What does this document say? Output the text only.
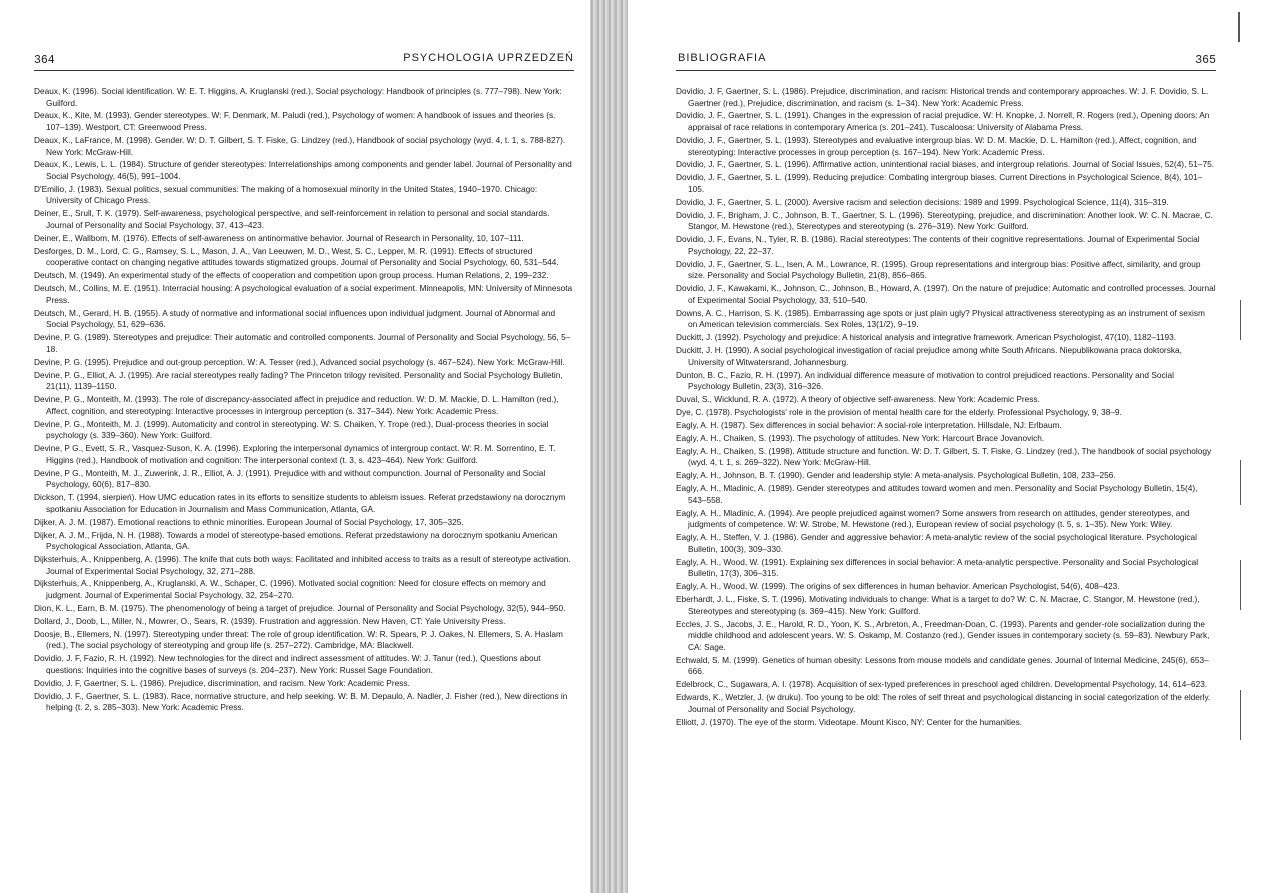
364	PSYCHOLOGIA UPRZEDZEŃ

Deaux, K. (1996). Social identification. W: E. T. Higgins, A. Kruglanski (red.), Social psychology: Handbook of principles (s. 777–798). New York: Guilford.

Deaux, K., Kite, M. (1993). Gender stereotypes. W: F. Denmark, M. Paludi (red.), Psychology of women: A handbook of issues and theories (s. 107–139). Westport, CT: Greenwood Press.

Deaux, K., LaFrance, M. (1998). Gender. W: D. T. Gilbert, S. T. Fiske, G. Lindzey (red.), Handbook of social psychology (wyd. 4, t. 1, s. 788-827). New York: McGraw-Hill.

Deaux, K., Lewis, L. L. (1984). Structure of gender stereotypes: Interrelationships among components and gender label. Journal of Personality and Social Psychology, 46(5), 991–1004.

D'Emilio, J. (1983). Sexual politics, sexual communities: The making of a homosexual minority in the United States, 1940–1970. Chicago: University of Chicago Press.

Deiner, E., Srull, T. K. (1979). Self-awareness, psychological perspective, and self-reinforcement in relation to personal and social standards. Journal of Personality and Social Psychology, 37, 413–423.

Deiner, E., Wallbom, M. (1976). Effects of self-awareness on antinormative behavior. Journal of Research in Personality, 10, 107–111.

Desforges, D. M., Lord, C. G., Ramsey, S. L., Mason, J. A., Van Leeuwen, M. D., West, S. C., Lepper, M. R. (1991). Effects of structured cooperative contact on changing negative attitudes towards stigmatized groups. Journal of Personality and Social Psychology, 60, 531–544.

Deutsch, M. (1949). An experimental study of the effects of cooperation and competition upon group process. Human Relations, 2, 199–232.

Deutsch, M., Collins, M. E. (1951). Interracial housing: A psychological evaluation of a social experiment. Minneapolis, MN: University of Minnesota Press.

Deutsch, M., Gerard, H. B. (1955). A study of normative and informational social influences upon individual judgment. Journal of Abnormal and Social Psychology, 51, 629–636.

Devine, P. G. (1989). Stereotypes and prejudice: Their automatic and controlled components. Journal of Personality and Social Psychology, 56, 5–18.

Devine, P. G. (1995). Prejudice and out-group perception. W: A. Tesser (red.), Advanced social psychology (s. 467–524). New York: McGraw-Hill.

Devine, P. G., Elliot, A. J. (1995). Are racial stereotypes really fading? The Princeton trilogy revisited. Personality and Social Psychology Bulletin, 21(11), 1139–1150.

Devine, P. G., Monteith, M. (1993). The role of discrepancy-associated affect in prejudice and reduction. W: D. M. Mackie, D. L. Hamilton (red.), Affect, cognition, and stereotyping: Interactive processes in intergroup perception (s. 317–344). New York: Academic Press.

Devine, P. G., Monteith, M. J. (1999). Automaticity and control in stereotyping. W: S. Chaiken, Y. Trope (red.), Dual-process theories in social psychology (s. 339–360). New York: Guilford.

Devine, P G., Evett, S. R., Vasquez-Suson, K. A. (1996). Exploring the interpersonal dynamics of intergroup contact. W: R. M. Sorrentino, E. T. Higgins (red.), Handbook of motivation and cognition: The interpersonal context (t. 3, s. 423–464). New York: Guilford.

Devine, P G., Monteith, M. J., Zuwerink, J. R., Elliot, A. J. (1991). Prejudice with and without compunction. Journal of Personality and Social Psychology, 60(6), 817–830.

Dickson, T. (1994, sierpień). How UMC education rates in its efforts to sensitize students to ableism issues. Referat przedstawiony na dorocznym spotkaniu Association for Education in Journalism and Mass Communication, Atlanta, GA.

Dijker, A. J. M. (1987). Emotional reactions to ethnic minorities. European Journal of Social Psychology, 17, 305–325.

Dijker, A. J. M., Frijda, N. H. (1988). Towards a model of stereotype-based emotions. Referat przedstawiony na dorocznym spotkaniu American Psychological Association, Atlanta, GA.

Dijksterhuis, A., Knippenberg, A. (1996). The knife that cuts both ways: Facilitated and inhibited access to traits as a result of stereotype activation. Journal of Experimental Social Psychology, 32, 271–288.

Dijksterhuis, A., Knippenberg, A., Kruglanski, A. W., Schaper, C. (1996). Motivated social cognition: Need for closure effects on memory and judgment. Journal of Experimental Social Psychology, 32, 254–270.

Dion, K. L., Earn, B. M. (1975). The phenomenology of being a target of prejudice. Journal of Personality and Social Psychology, 32(5), 944–950.

Dollard, J., Doob, L., Miller, N., Mowrer, O., Sears, R. (1939). Frustration and aggression. New Haven, CT: Yale University Press.

Doosje, B., Ellemers, N. (1997). Stereotyping under threat: The role of group identification. W: R. Spears, P. J. Oakes, N. Ellemers, S. A. Haslam (red.), The social psychology of stereotyping and group life (s. 257–272). Cambridge, MA: Blackwell.

Dovidio, J. F, Fazio, R. H. (1992). New technologies for the direct and indirect assessment of attitudes. W: J. Tanur (red.), Questions about questions: Inquiries into the cognitive bases of surveys (s. 204–237). New York: Russel Sage Foundation.

Dovidio, J. F, Gaertner, S. L. (1986). Prejudice, discrimination, and racism. New York: Academic Press.

Dovidio, J. F., Gaertner, S. L. (1983). Race, normative structure, and help seeking. W: B. M. Depaulo, A. Nadler, J. Fisher (red.), New directions in helping (t. 2, s. 285–303). New York: Academic Press.

BIBLIOGRAFIA	365

Dovidio, J. F, Gaertner, S. L. (1986). Prejudice, discrimination, and racism: Historical trends and contemporary approaches. W: J. F. Dovidio, S. L. Gaertner (red.), Prejudice, discrimination, and racism (s. 1–34). New York: Academic Press.

Dovidio, J. F., Gaertner, S. L. (1991). Changes in the expression of racial prejudice. W: H. Knopke, J. Norrell, R. Rogers (red.), Opening doors: An appraisal of race relations in contemporary America (s. 201–241). Tuscaloosa: University of Alabama Press.

Dovidio, J. F., Gaertner, S. L. (1993). Stereotypes and evaluative intergroup bias. W: D. M. Mackie, D. L. Hamilton (red.), Affect, cognition, and stereotyping: Interactive processes in group perception (s. 167–194). New York: Academic Press.

Dovidio, J. F., Gaertner, S. L. (1996). Affirmative action, unintentional racial biases, and intergroup relations. Journal of Social Issues, 52(4), 51–75.

Dovidio, J. F., Gaertner, S. L. (1999). Reducing prejudice: Combating intergroup biases. Current Directions in Psychological Science, 8(4), 101–105.

Dovidio, J. F., Gaertner, S. L. (2000). Aversive racism and selection decisions: 1989 and 1999. Psychological Science, 11(4), 315–319.

Dovidio, J. F., Brigham, J. C., Johnson, B. T., Gaertner, S. L. (1996). Stereotyping, prejudice, and discrimination: Another look. W: C. N. Macrae, C. Stangor, M. Hewstone (red.), Stereotypes and stereotyping (s. 276–319). New York: Guilford.

Dovidio, J. F., Evans, N., Tyler, R. B. (1986). Racial stereotypes: The contents of their cognitive representations. Journal of Experimental Social Psychology, 22, 22–37.

Dovidio, J. F., Gaertner, S. L., Isen, A. M., Lowrance, R. (1995). Group representations and intergroup bias: Positive affect, similarity, and group size. Personality and Social Psychology Bulletin, 21(8), 856–865.

Dovidio, J. F., Kawakami, K., Johnson, C., Johnson, B., Howard, A. (1997). On the nature of prejudice: Automatic and controlled processes. Journal of Experimental Social Psychology, 33, 510–540.

Downs, A. C., Harrison, S. K. (1985). Embarrassing age spots or just plain ugly? Physical attractiveness stereotyping as an instrument of sexism on American television commercials. Sex Roles, 13(1/2), 9–19.

Duckitt, J. (1992). Psychology and prejudice: A historical analysis and integrative framework. American Psychologist, 47(10), 1182–1193.

Duckitt, J. H. (1990). A social psychological investigation of racial prejudice among white South Africans. Niepublikowana praca doktorska, University of Witwatersrand, Johannesburg.

Dunton, B. C., Fazio, R. H. (1997). An individual difference measure of motivation to control prejudiced reactions. Personality and Social Psychology Bulletin, 23(3), 316–326.

Duval, S., Wicklund, R. A. (1972). A theory of objective self-awareness. New York: Academic Press.

Dye, C. (1978). Psychologists' role in the provision of mental health care for the elderly. Professional Psychology, 9, 38–9.

Eagly, A. H. (1987). Sex differences in social behavior: A social-role interpretation. Hillsdale, NJ: Erlbaum.

Eagly, A. H., Chaiken, S. (1993). The psychology of attitudes. New York: Harcourt Brace Jovanovich.

Eagly, A. H., Chaiken, S. (1998). Attitude structure and function. W: D. T. Gilbert, S. T. Fiske, G. Lindzey (red.), The handbook of social psychology (wyd. 4, t. 1, s. 269–322). New York: McGraw-Hill.

Eagly, A. H., Johnson, B. T. (1990). Gender and leadership style: A meta-analysis. Psychological Bulletin, 108, 233–256.

Eagly, A. H., Mladinic, A. (1989). Gender stereotypes and attitudes toward women and men. Personality and Social Psychology Bulletin, 15(4), 543–558.

Eagly, A. H., Mladinic, A. (1994). Are people prejudiced against women? Some answers from research on attitudes, gender stereotypes, and judgments of competence. W: W. Strobe, M. Hewstone (red.), European review of social psychology (t. 5, s. 1–35). New York: Wiley.

Eagly, A. H., Steffen, V. J. (1986). Gender and aggressive behavior: A meta-analytic review of the social psychological literature. Psychological Bulletin, 100(3), 309–330.

Eagly, A. H., Wood, W. (1991). Explaining sex differences in social behavior: A meta-analytic perspective. Personality and Social Psychological Bulletin, 17(3), 306–315.

Eagly, A. H., Wood, W. (1999). The origins of sex differences in human behavior. American Psychologist, 54(6), 408–423.

Eberhardt, J. L., Fiske, S. T. (1996). Motivating individuals to change: What is a target to do? W: C. N. Macrae, C. Stangor, M. Hewstone (red.), Stereotypes and stereotyping (s. 369–415). New York: Guilford.

Eccles, J. S., Jacobs, J. E., Harold, R. D., Yoon, K. S., Arbreton, A., Freedman-Doan, C. (1993). Parents and gender-role socialization during the middle childhood and adolescent years. W: S. Oskamp, M. Costanzo (red.), Gender issues in contemporary society (s. 59–83). Newbury Park, CA: Sage.

Echwald, S. M. (1999). Genetics of human obesity: Lessons from mouse models and candidate genes. Journal of Internal Medicine, 245(6), 653–666.

Edelbrock, C., Sugawara, A. I. (1978). Acquisition of sex-typed preferences in preschool aged children. Developmental Psychology, 14, 614–623.

Edwards, K., Wetzler, J. (w druku). Too young to be old: The roles of self threat and psychological distancing in social categorization of the elderly. Journal of Personality and Social Psychology.

Elliott, J. (1970). The eye of the storm. Videotape. Mount Kisco, NY: Center for the humanities.
